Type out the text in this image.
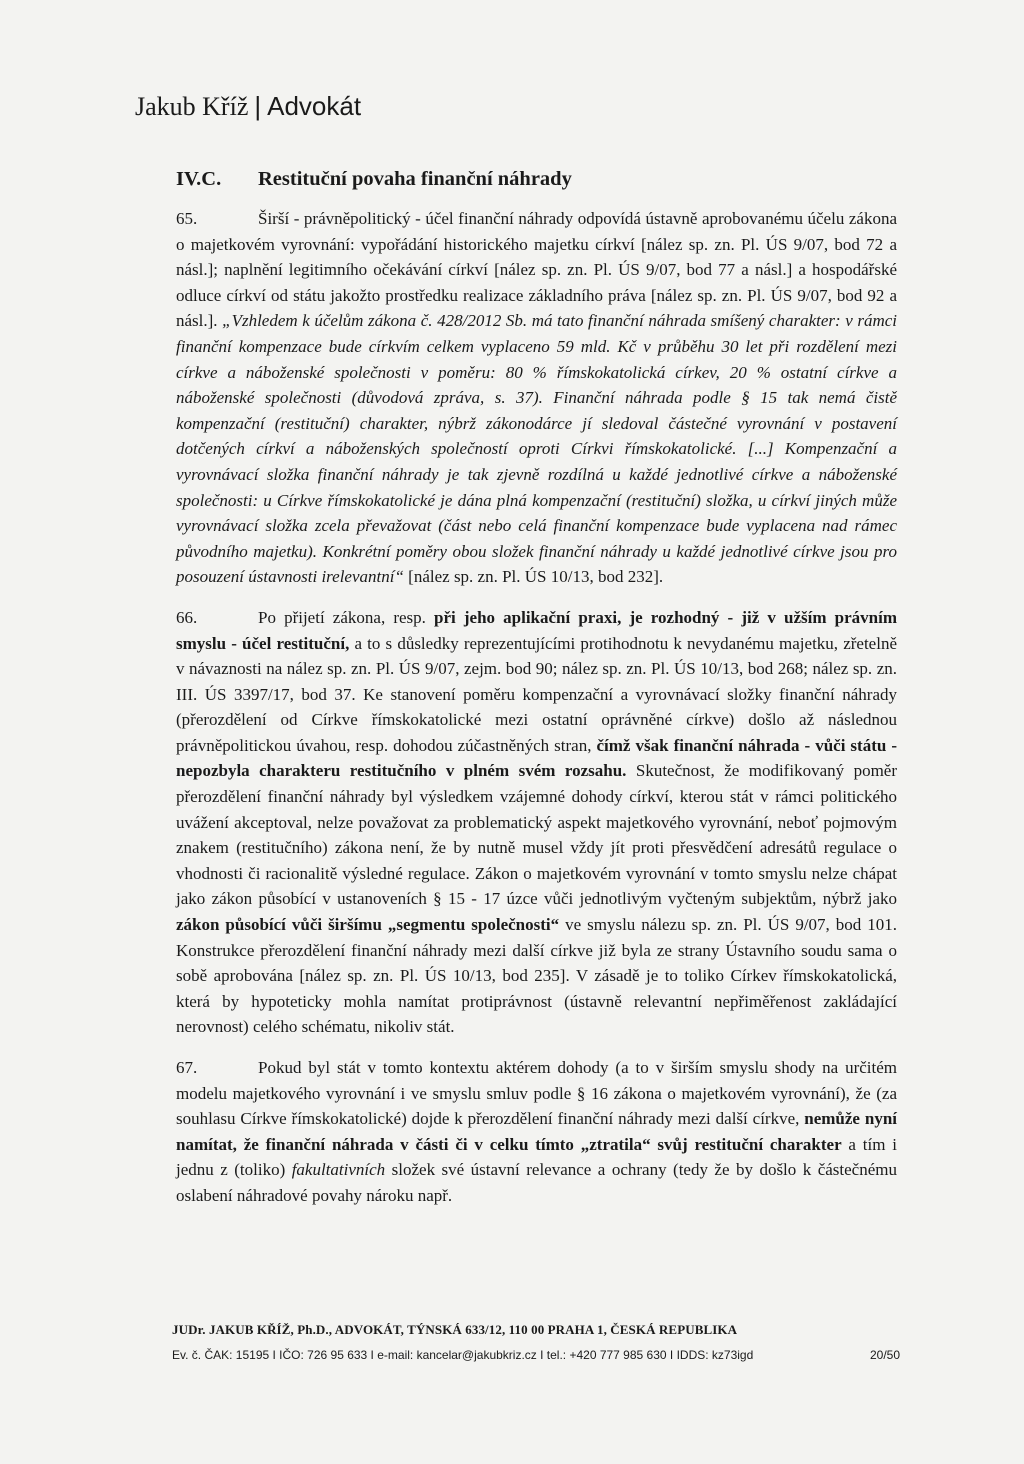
Jakub Kříž | Advokát
IV.C. Restituční povaha finanční náhrady

65.	Širší - právněpolitický - účel finanční náhrady odpovídá ústavně aprobovanému účelu zákona o majetkovém vyrovnání: vypořádání historického majetku církví [nález sp. zn. Pl. ÚS 9/07, bod 72 a násl.]; naplnění legitimního očekávání církví [nález sp. zn. Pl. ÚS 9/07, bod 77 a násl.] a hospodářské odluce církví od státu jakožto prostředku realizace základního práva [nález sp. zn. Pl. ÚS 9/07, bod 92 a násl.]. „Vzhledem k účelům zákona č. 428/2012 Sb. má tato finanční náhrada smíšený charakter: v rámci finanční kompenzace bude církvím celkem vyplaceno 59 mld. Kč v průběhu 30 let při rozdělení mezi církve a náboženské společnosti v poměru: 80 % římskokatolická církev, 20 % ostatní církve a náboženské společnosti (důvodová zpráva, s. 37). Finanční náhrada podle § 15 tak nemá čistě kompenzační (restituční) charakter, nýbrž zákonodárce jí sledoval částečné vyrovnání v postavení dotčených církví a náboženských společností oproti Církvi římskokatolické. [...] Kompenzační a vyrovnávací složka finanční náhrady je tak zjevně rozdílná u každé jednotlivé církve a náboženské společnosti: u Církve římskokatolické je dána plná kompenzační (restituční) složka, u církví jiných může vyrovnávací složka zcela převažovat (část nebo celá finanční kompenzace bude vyplacena nad rámec původního majetku). Konkrétní poměry obou složek finanční náhrady u každé jednotlivé církve jsou pro posouzení ústavnosti irelevantní“ [nález sp. zn. Pl. ÚS 10/13, bod 232].

66.	Po přijetí zákona, resp. při jeho aplikační praxi, je rozhodný - již v užším právním smyslu - účel restituční, a to s důsledky reprezentujícími protihodnotu k nevydanému majetku, zřetelně v návaznosti na nález sp. zn. Pl. ÚS 9/07, zejm. bod 90; nález sp. zn. Pl. ÚS 10/13, bod 268; nález sp. zn. III. ÚS 3397/17, bod 37. Ke stanovení poměru kompenzační a vyrovnávací složky finanční náhrady (přerozdělení od Církve římskokatolické mezi ostatní oprávněné církve) došlo až následnou právněpolitickou úvahou, resp. dohodou zúčastněných stran, čímž však finanční náhrada - vůči státu - nepozbyla charakteru restitučního v plném svém rozsahu. Skutečnost, že modifikovaný poměr přerozdělení finanční náhrady byl výsledkem vzájemné dohody církví, kterou stát v rámci politického uvážení akceptoval, nelze považovat za problematický aspekt majetkového vyrovnání, neboť pojmovým znakem (restitučního) zákona není, že by nutně musel vždy jít proti přesvědčení adresátů regulace o vhodnosti či racionalitě výsledné regulace. Zákon o majetkovém vyrovnání v tomto smyslu nelze chápat jako zákon působící v ustanoveních § 15 - 17 úzce vůči jednotlivým vyčteným subjektům, nýbrž jako zákon působící vůči širšímu „segmentu společnosti“ ve smyslu nálezu sp. zn. Pl. ÚS 9/07, bod 101. Konstrukce přerozdělení finanční náhrady mezi další církve již byla ze strany Ústavního soudu sama o sobě aprobována [nález sp. zn. Pl. ÚS 10/13, bod 235]. V zásadě je to toliko Církev římskokatolická, která by hypoteticky mohla namítat protiprávnost (ústavně relevantní nepřiměřenost zakládající nerovnost) celého schématu, nikoliv stát.

67.	Pokud byl stát v tomto kontextu aktérem dohody (a to v širším smyslu shody na určitém modelu majetkového vyrovnání i ve smyslu smluv podle § 16 zákona o majetkovém vyrovnání), že (za souhlasu Církve římskokatolické) dojde k přerozdělení finanční náhrady mezi další církve, nemůže nyní namítat, že finanční náhrada v části či v celku tímto „ztratila“ svůj restituční charakter a tím i jednu z (toliko) fakultativních složek své ústavní relevance a ochrany (tedy že by došlo k částečnému oslabení náhradové povahy nároku např.

JUDr. JAKUB KŘÍŽ, Ph.D., ADVOKÁT, TÝNSKÁ 633/12, 110 00 PRAHA 1, ČESKÁ REPUBLIKA
Ev. č. ČAK: 15195 I IČO: 726 95 633 I e-mail: kancelar@jakubkriz.cz I tel.: +420 777 985 630 I IDDS: kz73igd	20/50
